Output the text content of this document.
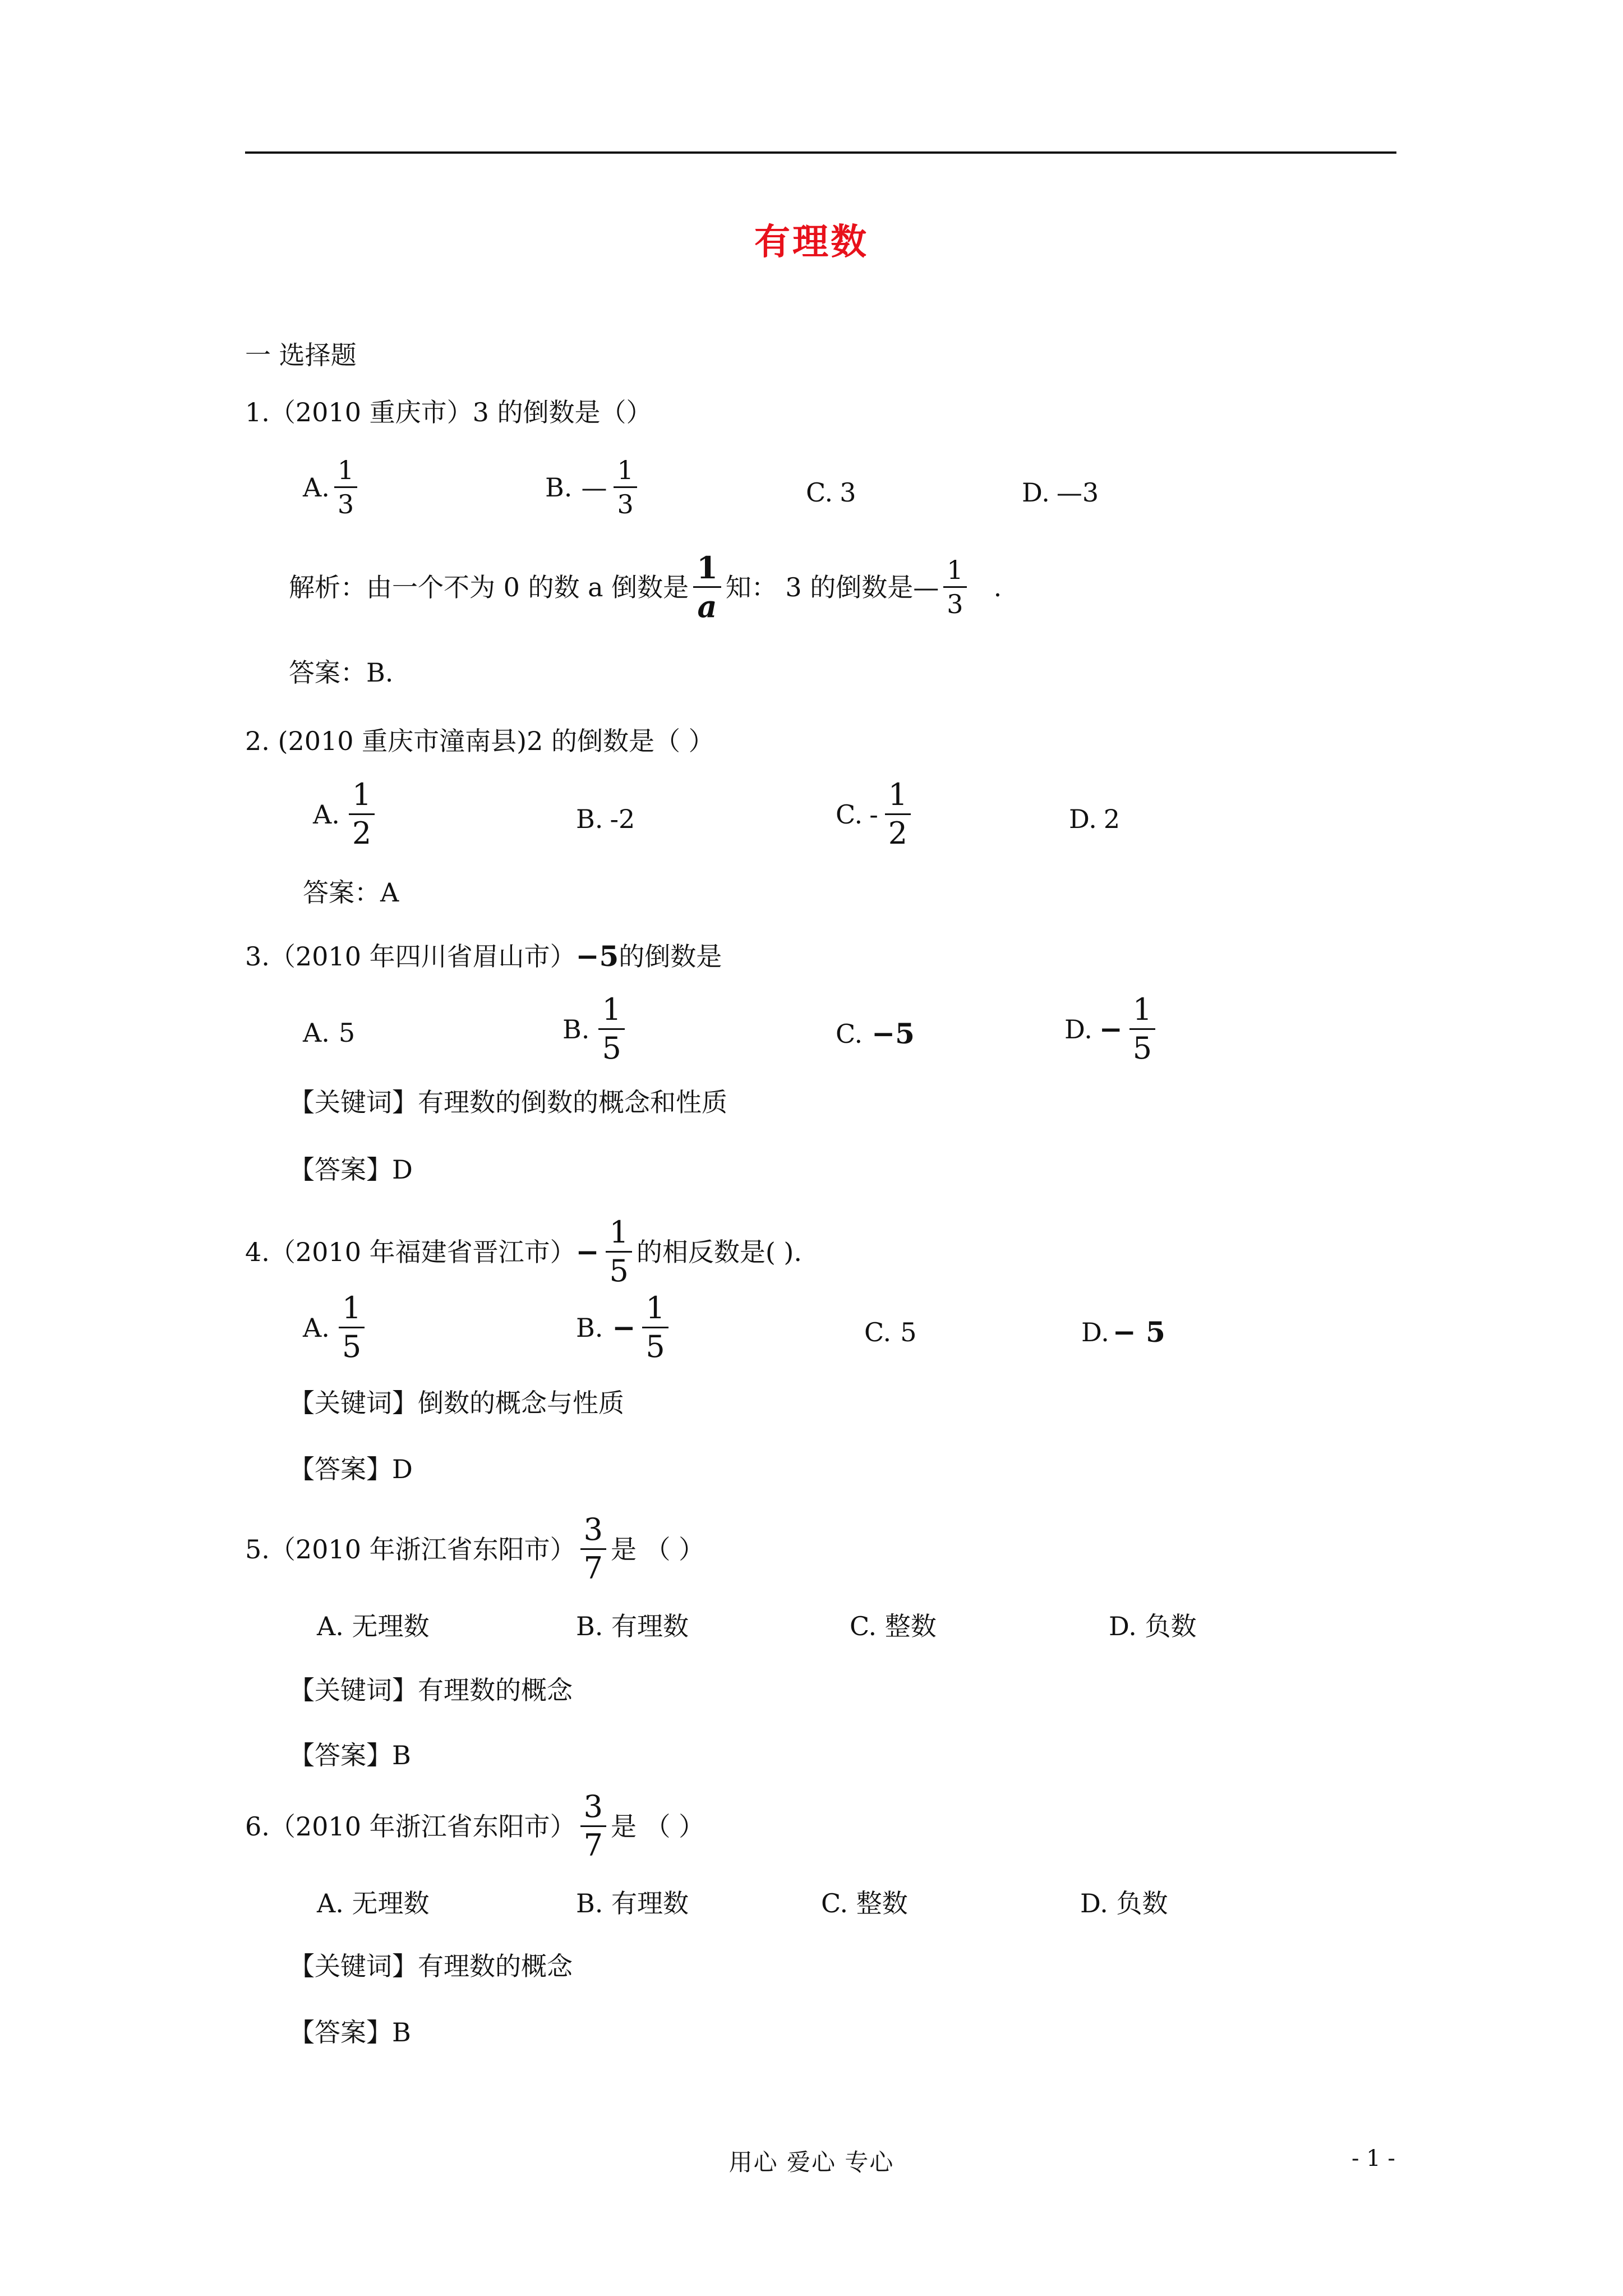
有理数
一 选择题
1.（2010 重庆市）3 的倒数是（）
A. $\frac{1}{3}$	B. — $\frac{1}{3}$	C. 3	D. —3
解析：由一个不为 0 的数 a 倒数是 $\frac{1}{a}$ 知： 3 的倒数是— $\frac{1}{3}$ .
答案：B.
2. (2010 重庆市潼南县)2 的倒数是（ ）
A. $\frac{1}{2}$	B. -2	C. - $\frac{1}{2}$	D. 2
答案：A
3.（2010 年四川省眉山市） −5 的倒数是
A. 5	B. $\frac{1}{5}$	C. −5	D. − $\frac{1}{5}$
【关键词】有理数的倒数的概念和性质
【答案】D
4.（2010 年福建省晋江市） − $\frac{1}{5}$ 的相反数是( ).
A. $\frac{1}{5}$	B. − $\frac{1}{5}$	C. 5	D. − 5
【关键词】倒数的概念与性质
【答案】D
5.（2010 年浙江省东阳市） $\frac{3}{7}$ 是 （ ）
A. 无理数	B. 有理数	C. 整数	D. 负数
【关键词】有理数的概念
【答案】B
6.（2010 年浙江省东阳市） $\frac{3}{7}$ 是 （ ）
A. 无理数	B. 有理数	C. 整数	D. 负数
【关键词】有理数的概念
【答案】B
用心 爱心 专心	- 1 -
